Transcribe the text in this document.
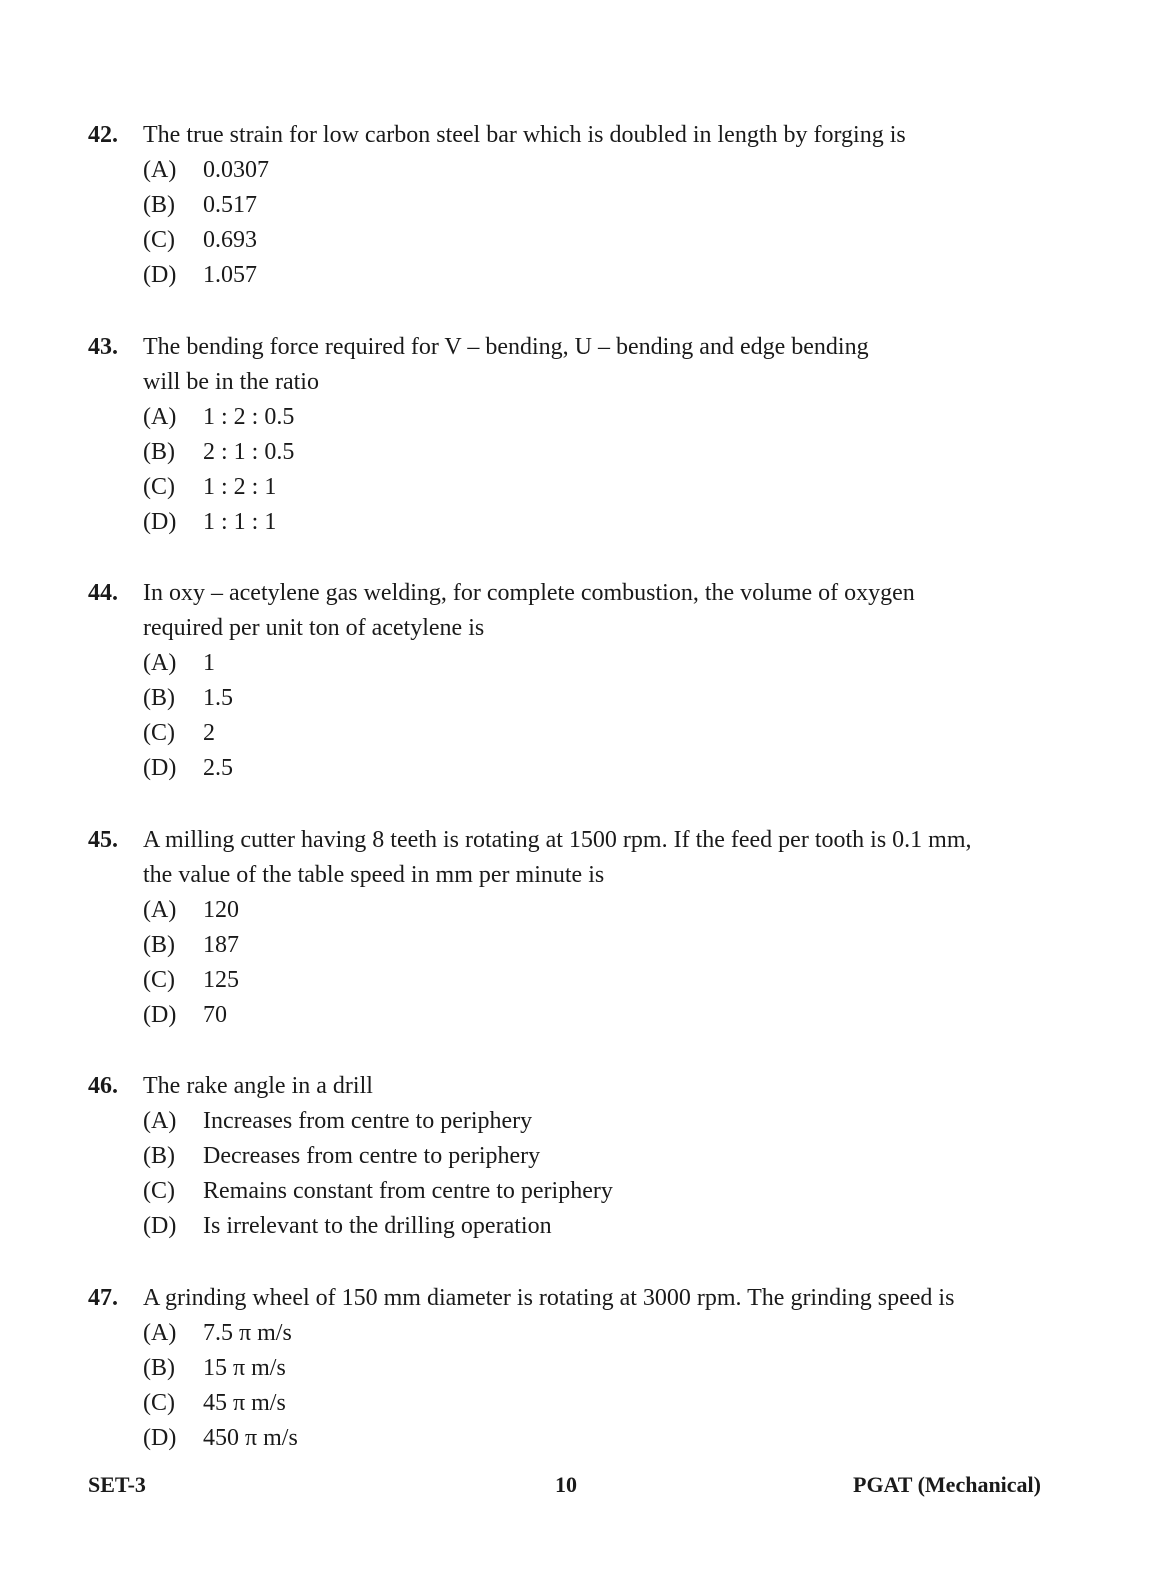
42. The true strain for low carbon steel bar which is doubled in length by forging is
(A) 0.0307
(B) 0.517
(C) 0.693
(D) 1.057
43. The bending force required for V – bending, U – bending and edge bending
will be in the ratio
(A) 1 : 2 : 0.5
(B) 2 : 1 : 0.5
(C) 1 : 2 : 1
(D) 1 : 1 : 1
44. In oxy – acetylene gas welding, for complete combustion, the volume of oxygen
required per unit ton of acetylene is
(A) 1
(B) 1.5
(C) 2
(D) 2.5
45. A milling cutter having 8 teeth is rotating at 1500 rpm. If the feed per tooth is 0.1 mm,
the value of the table speed in mm per minute is
(A) 120
(B) 187
(C) 125
(D) 70
46. The rake angle in a drill
(A) Increases from centre to periphery
(B) Decreases from centre to periphery
(C) Remains constant from centre to periphery
(D) Is irrelevant to the drilling operation
47. A grinding wheel of 150 mm diameter is rotating at 3000 rpm. The grinding speed is
(A) 7.5 π m/s
(B) 15 π m/s
(C) 45 π m/s
(D) 450 π m/s
SET-3	10	PGAT (Mechanical)
